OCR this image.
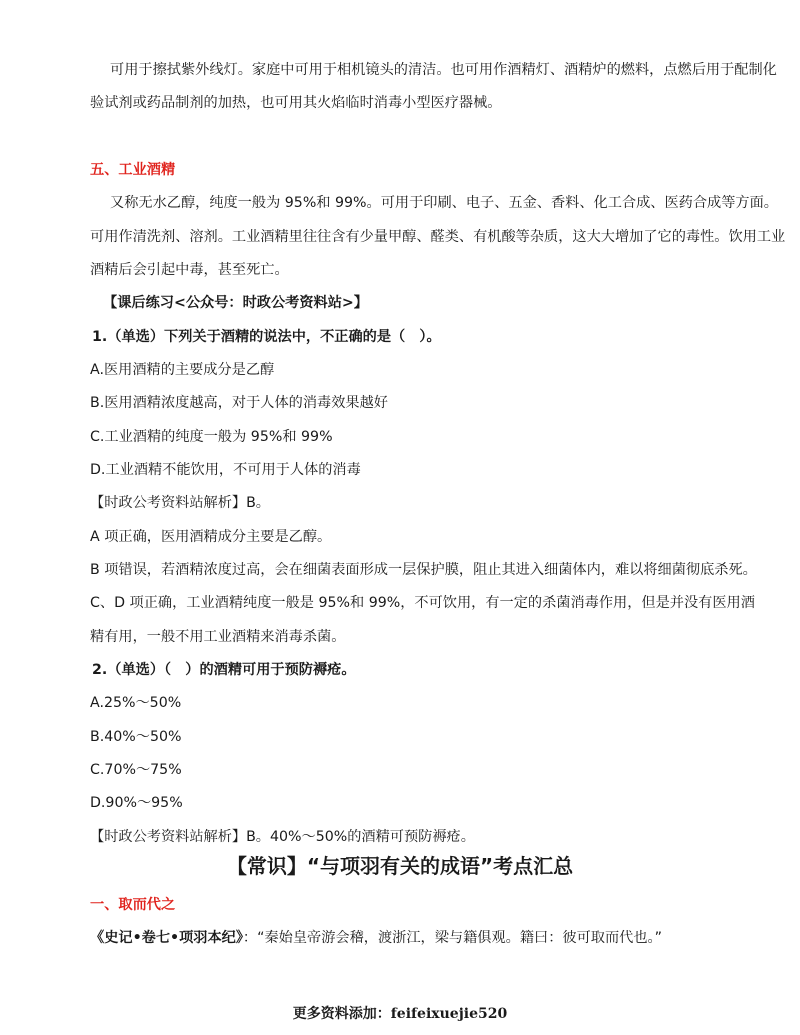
可用于擦拭紫外线灯。家庭中可用于相机镜头的清洁。也可用作酒精灯、酒精炉的燃料，点燃后用于配制化
验试剂或药品制剂的加热，也可用其火焰临时消毒小型医疗器械。
五、工业酒精
又称无水乙醇，纯度一般为 95%和 99%。可用于印刷、电子、五金、香料、化工合成、医药合成等方面。
可用作清洗剂、溶剂。工业酒精里往往含有少量甲醇、醛类、有机酸等杂质，这大大增加了它的毒性。饮用工业
酒精后会引起中毒，甚至死亡。
【课后练习<公众号：时政公考资料站>】
1.（单选）下列关于酒精的说法中，不正确的是（　）。
A.医用酒精的主要成分是乙醇
B.医用酒精浓度越高，对于人体的消毒效果越好
C.工业酒精的纯度一般为 95%和 99%
D.工业酒精不能饮用，不可用于人体的消毒
【时政公考资料站解析】B。
A 项正确，医用酒精成分主要是乙醇。
B 项错误，若酒精浓度过高，会在细菌表面形成一层保护膜，阻止其进入细菌体内，难以将细菌彻底杀死。
C、D 项正确，工业酒精纯度一般是 95%和 99%，不可饮用，有一定的杀菌消毒作用，但是并没有医用酒
精有用，一般不用工业酒精来消毒杀菌。
2.（单选）（　）的酒精可用于预防褥疮。
A.25%～50%
B.40%～50%
C.70%～75%
D.90%～95%
【时政公考资料站解析】B。40%～50%的酒精可预防褥疮。
【常识】“与项羽有关的成语”考点汇总
一、取而代之
《史记•卷七•项羽本纪》：“秦始皇帝游会稽，渡浙江，梁与籍俱观。籍曰：彼可取而代也。”
更多资料添加：feifeixuejie520
